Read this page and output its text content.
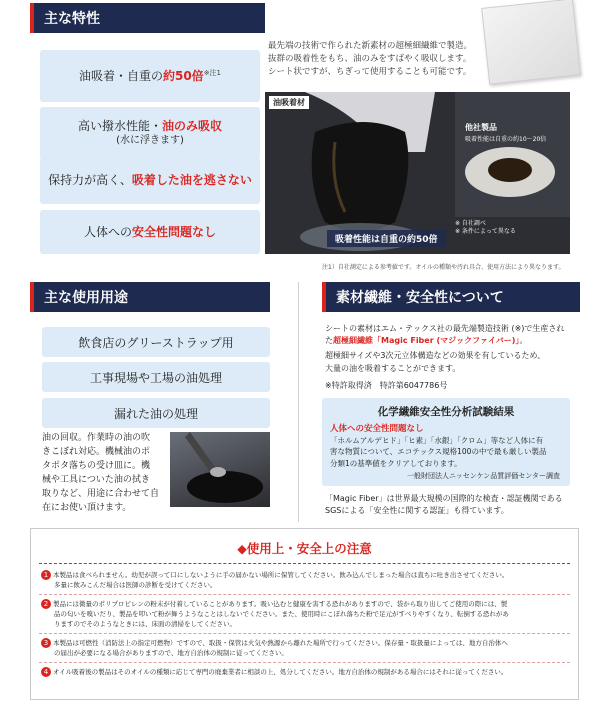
主な特性
油吸着・自重の約50倍$^{※注1}$
高い撥水性能・油のみ吸収
(水に浮きます)
保持力が高く、吸着した油を逃さない
人体への安全性問題なし
最先端の技術で作られた新素材の超極細繊維で製造。
抜群の吸着性をもち、油のみをすばやく吸収します。
シート状ですが、ちぎって使用することも可能です。
油吸着材
他社製品
吸着性能は自重の約10〜20倍
※ 自社調べ
※ 条件によって異なる
吸着性能は自重の約50倍
注1）自社測定による参考値です。オイルの種類や汚れ具合、使用方法により異なります。
主な使用用途
飲食店のグリーストラップ用
工事現場や工場の油処理
漏れた油の処理
油の回収。作業時の油の吹
きこぼれ対応。機械油のポ
タポタ落ちの受け皿に。機
械や工具についた油の拭き
取りなど、用途に合わせて自
在にお使い頂けます。
素材繊維・安全性について
シートの素材はエム・テックス社の最先端製造技術 (※)で生産され
た超極細繊維「Magic Fiber (マジックファイバー)」。
超極細サイズや3次元立体構造などの効果を有しているため、
大量の油を吸着することができます。
※特許取得済　特許第6047786号
化学繊維安全性分析試験結果
人体への安全性問題なし
「ホルムアルデヒド」「ヒ素」「水銀」「クロム」等など人体に有
害な物質について、エコテックス規格100の中で最も厳しい製品
分類1の基準値をクリアしております。
一般財団法人ニッセンケン品質評価センター調査
「Magic Fiber」は世界最大規模の国際的な検査・認証機関である
SGSによる「安全性に関する認証」も得ています。
◆使用上・安全上の注意
1 本製品は食べられません。幼児が誤って口にしないように手の届かない場所に保管してください。飲み込んでしまった場合は直ちに吐き出させてください。
多量に飲みこんだ場合は医師の診断を受けてください。
2 製品には微量のポリプロピレンの粉末が付着していることがあります。吸い込むと健康を害する恐れがありますので、袋から取り出してご使用の際には、製
品の匂いを嗅いだり、製品を叩いて粉が舞うようなことはしないでください。また、使用時にこぼれ落ちた粉で足元がすべりやすくなり、転倒する恐れがあ
りますのでそのようなときには、床面の清掃をしてください。
3 本製品は可燃性（消防法上の指定可燃物）ですので、取扱・保管は火気や熱源から離れた場所で行ってください。保存量・取扱量によっては、地方自治体へ
の届出が必要になる場合がありますので、地方自治体の規制に従ってください。
4 オイル吸着後の製品はそのオイルの種類に応じて専門の廃棄業者に相談の上、処分してください。地方自治体の規制がある場合にはそれに従ってください。
